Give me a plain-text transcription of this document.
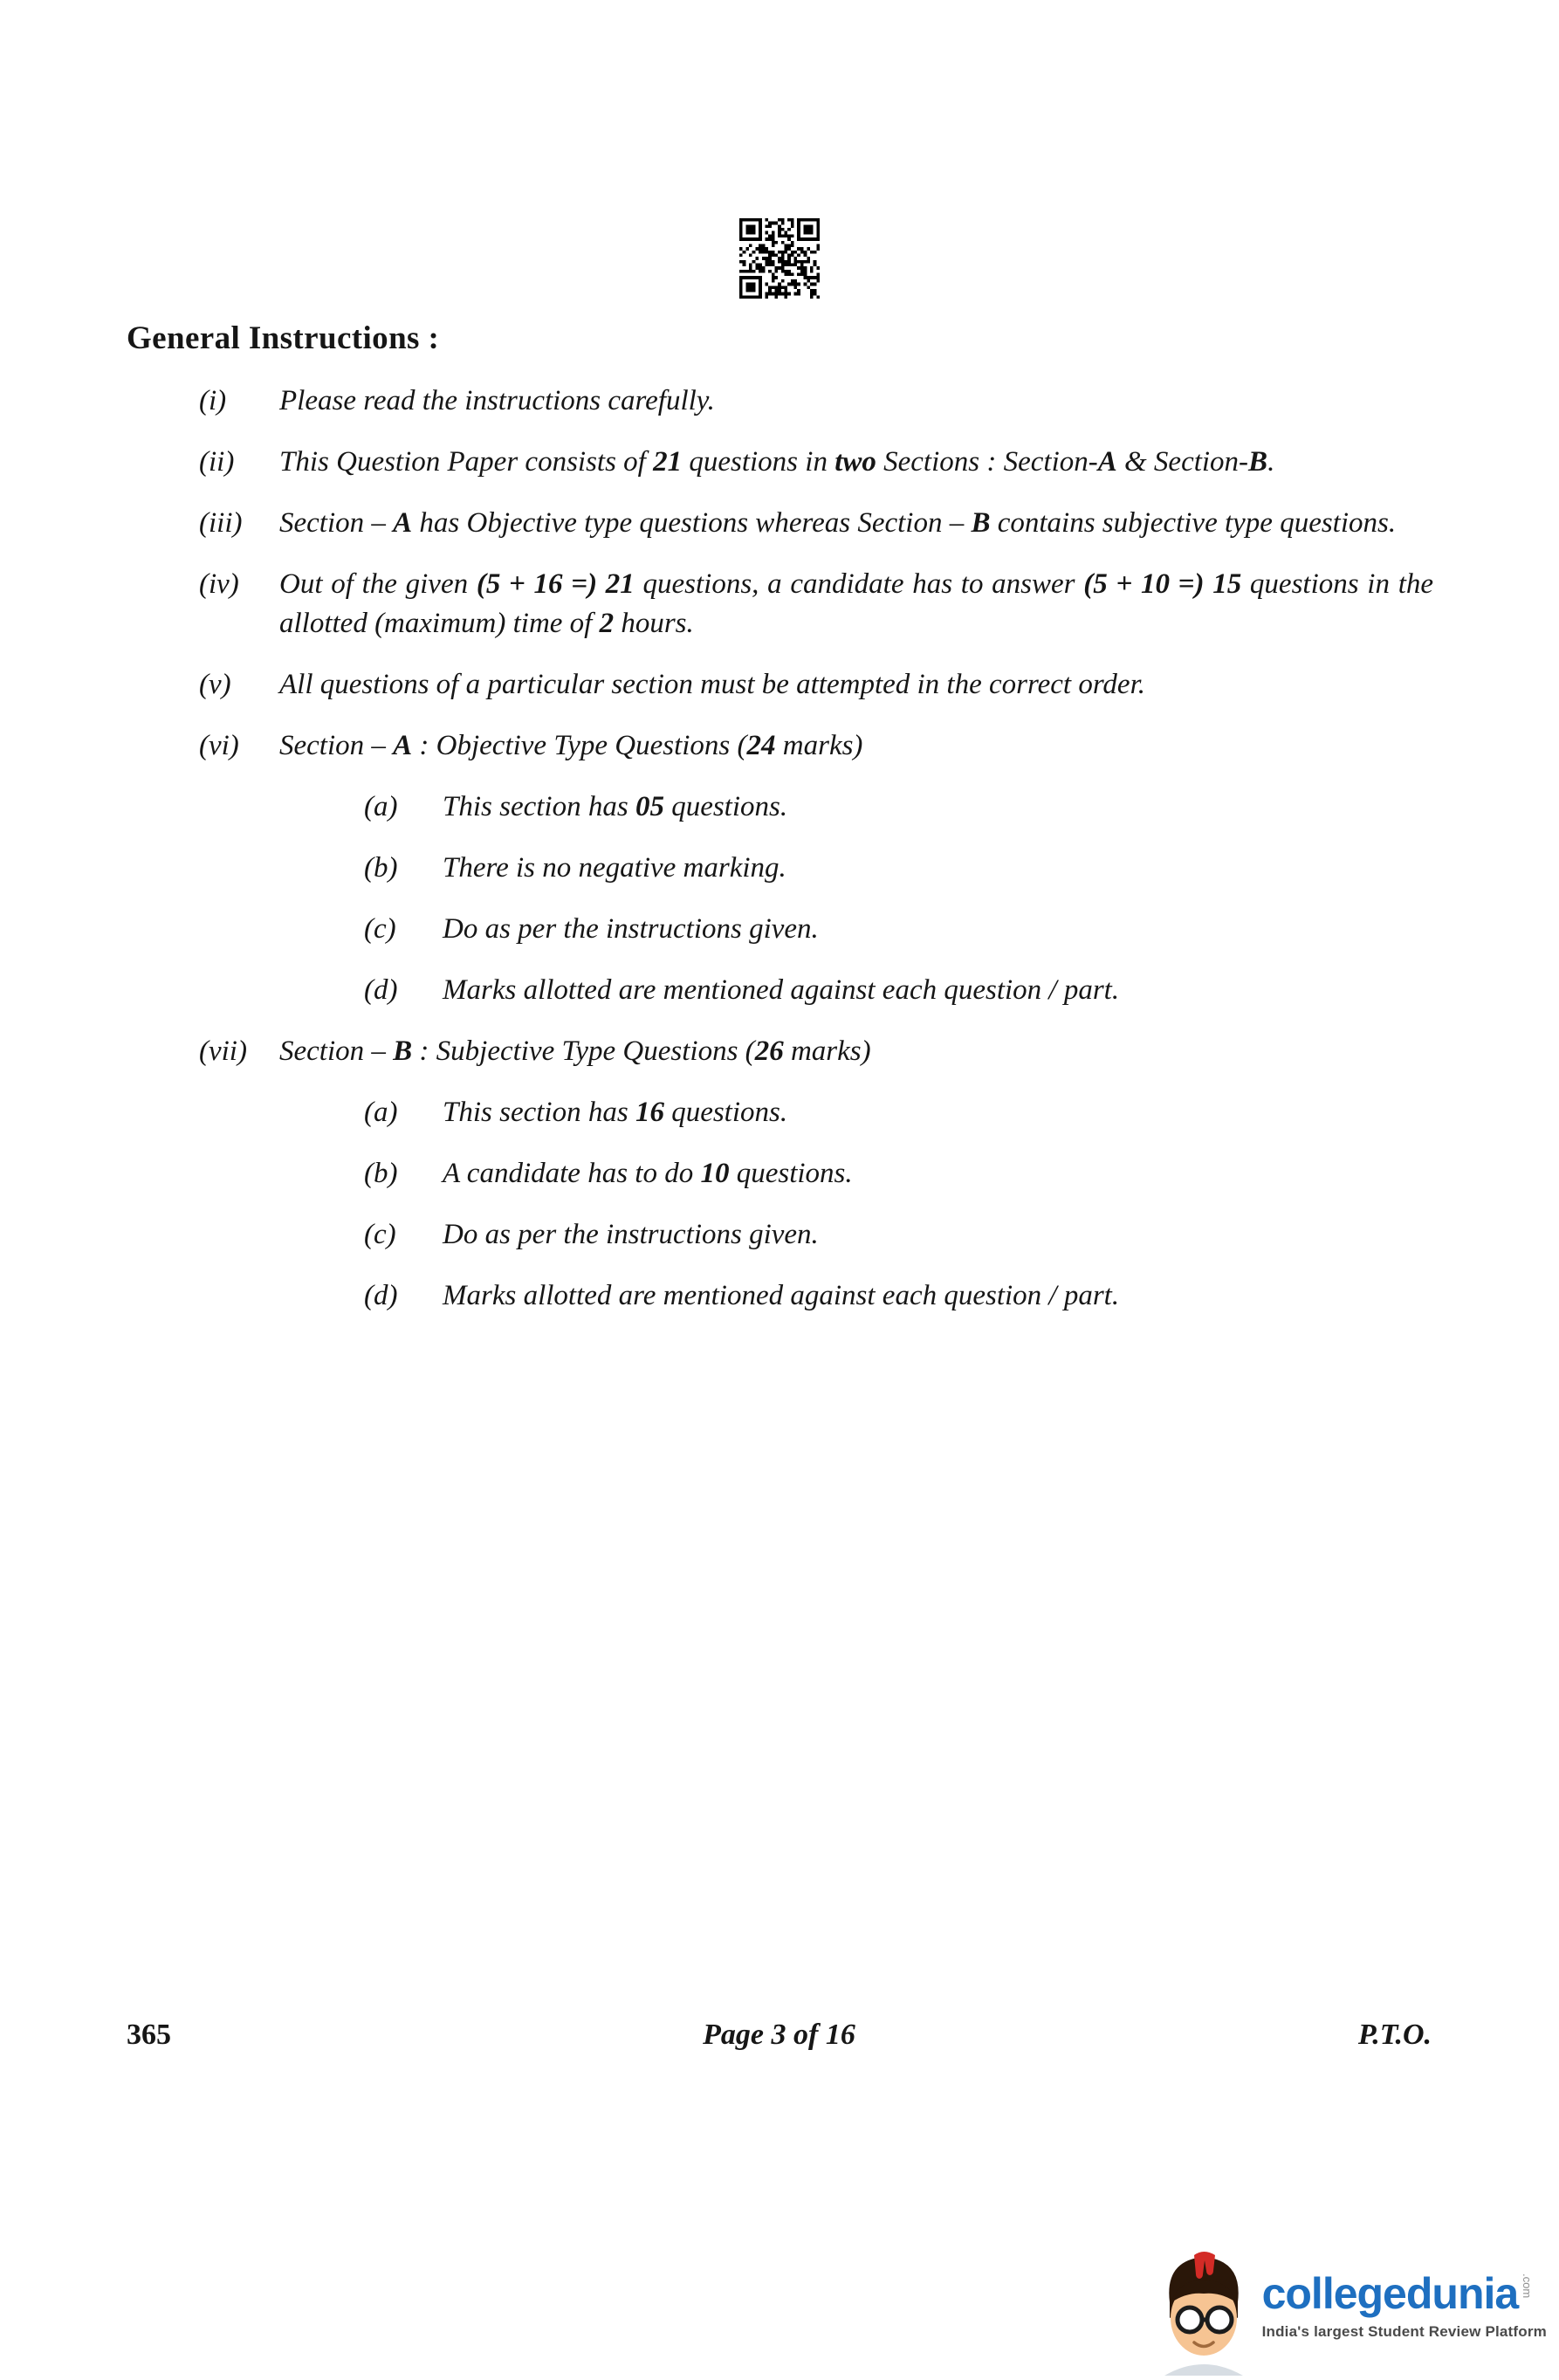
General Instructions :
(i)	Please read the instructions carefully.
(ii)	This Question Paper consists of 21 questions in two Sections : Section-A & Section-B.
(iii)	Section – A has Objective type questions whereas Section – B contains subjective type questions.
(iv)	Out of the given (5 + 16 =) 21 questions, a candidate has to answer (5 + 10 =) 15 questions in the allotted (maximum) time of 2 hours.
(v)	All questions of a particular section must be attempted in the correct order.
(vi)	Section – A : Objective Type Questions (24 marks)
(a)	This section has 05 questions.
(b)	There is no negative marking.
(c)	Do as per the instructions given.
(d)	Marks allotted are mentioned against each question / part.
(vii)	Section – B : Subjective Type Questions (26 marks)
(a)	This section has 16 questions.
(b)	A candidate has to do 10 questions.
(c)	Do as per the instructions given.
(d)	Marks allotted are mentioned against each question / part.
365	Page 3 of 16	P.T.O.
collegedunia .com
India's largest Student Review Platform
